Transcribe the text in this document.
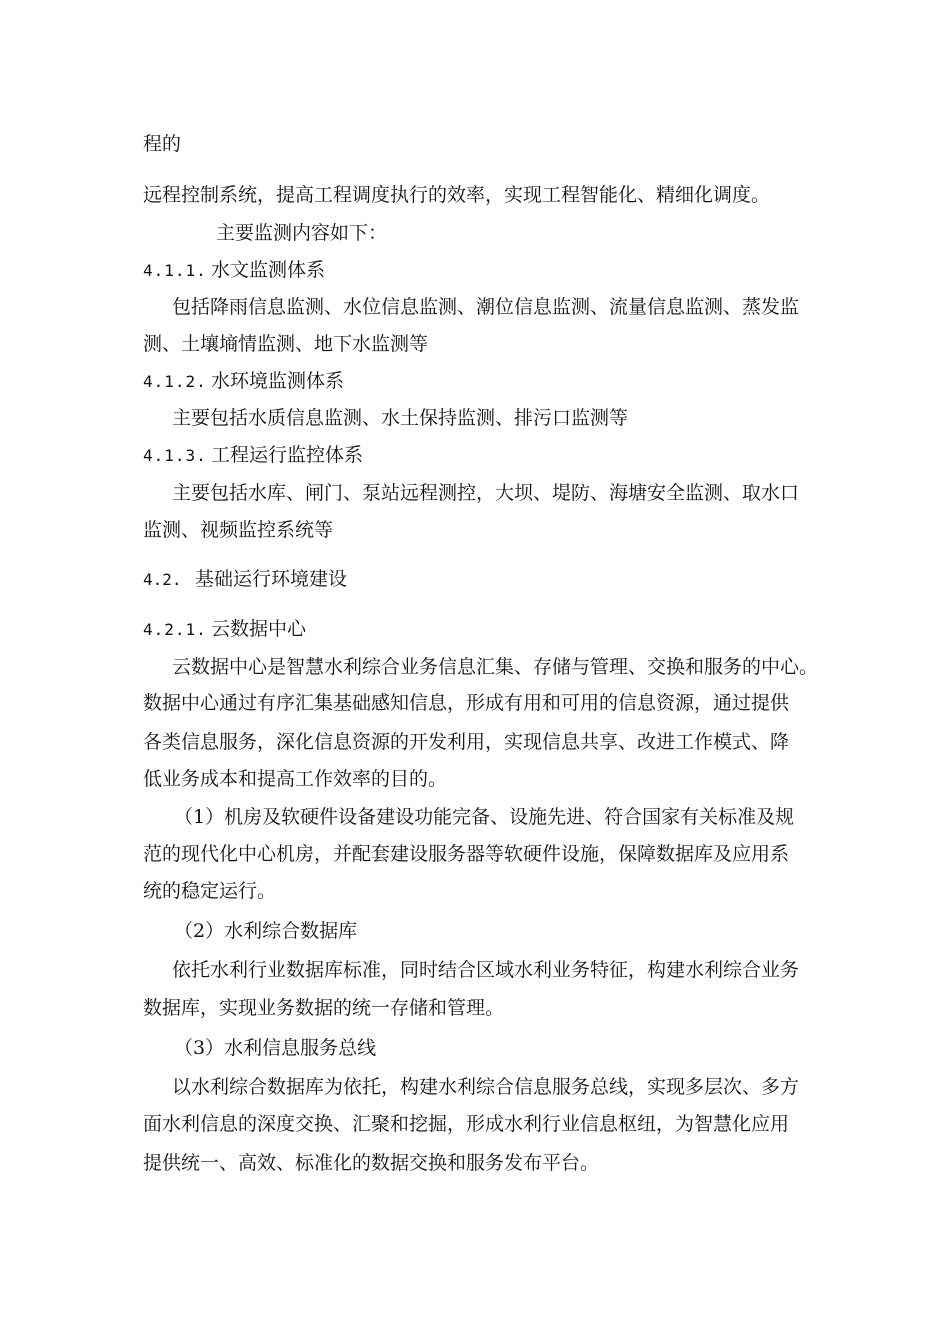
程的
远程控制系统，提高工程调度执行的效率，实现工程智能化、精细化调度。
主要监测内容如下：
4.1.1. 水文监测体系
包括降雨信息监测、水位信息监测、潮位信息监测、流量信息监测、蒸发监
测、土壤墒情监测、地下水监测等
4.1.2. 水环境监测体系
主要包括水质信息监测、水土保持监测、排污口监测等
4.1.3. 工程运行监控体系
主要包括水库、闸门、泵站远程测控，大坝、堤防、海塘安全监测、取水口
监测、视频监控系统等
4.2. 基础运行环境建设
4.2.1. 云数据中心
云数据中心是智慧水利综合业务信息汇集、存储与管理、交换和服务的中心。
数据中心通过有序汇集基础感知信息，形成有用和可用的信息资源，通过提供
各类信息服务，深化信息资源的开发利用，实现信息共享、改进工作模式、降
低业务成本和提高工作效率的目的。
（1）机房及软硬件设备建设功能完备、设施先进、符合国家有关标准及规
范的现代化中心机房，并配套建设服务器等软硬件设施，保障数据库及应用系
统的稳定运行。
（2）水利综合数据库
依托水利行业数据库标准，同时结合区域水利业务特征，构建水利综合业务
数据库，实现业务数据的统一存储和管理。
（3）水利信息服务总线
以水利综合数据库为依托，构建水利综合信息服务总线，实现多层次、多方
面水利信息的深度交换、汇聚和挖掘，形成水利行业信息枢纽，为智慧化应用
提供统一、高效、标准化的数据交换和服务发布平台。
